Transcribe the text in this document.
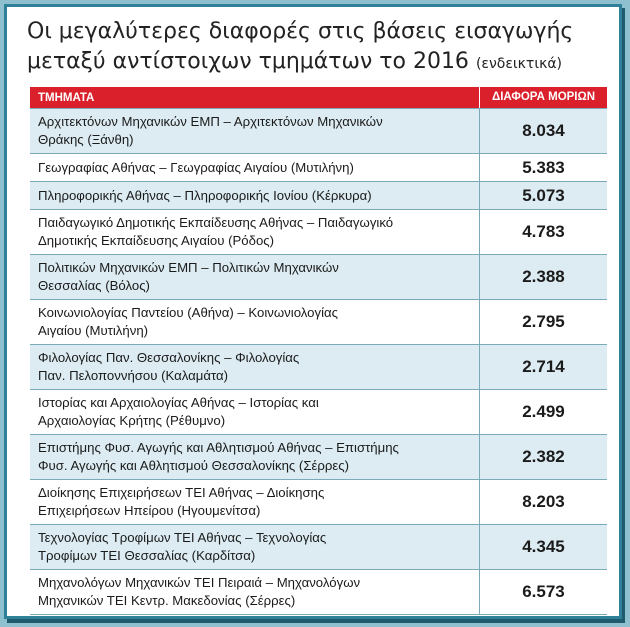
Οι μεγαλύτερες διαφορές στις βάσεις εισαγωγής
μεταξύ αντίστοιχων τμημάτων το 2016 (ενδεικτικά)
ΤΜΗΜΑΤΑ	ΔΙΑΦΟΡΑ ΜΟΡΙΩΝ
Αρχιτεκτόνων Μηχανικών ΕΜΠ – Αρχιτεκτόνων Μηχανικών
Θράκης (Ξάνθη)	8.034
Γεωγραφίας Αθήνας – Γεωγραφίας Αιγαίου (Μυτιλήνη)	5.383
Πληροφορικής Αθήνας – Πληροφορικής Ιονίου (Κέρκυρα)	5.073
Παιδαγωγικό Δημοτικής Εκπαίδευσης Αθήνας – Παιδαγωγικό
Δημοτικής Εκπαίδευσης Αιγαίου (Ρόδος)	4.783
Πολιτικών Μηχανικών ΕΜΠ – Πολιτικών Μηχανικών
Θεσσαλίας (Βόλος)	2.388
Κοινωνιολογίας Παντείου (Αθήνα) – Κοινωνιολογίας
Αιγαίου (Μυτιλήνη)	2.795
Φιλολογίας Παν. Θεσσαλονίκης – Φιλολογίας
Παν. Πελοποννήσου (Καλαμάτα)	2.714
Ιστορίας και Αρχαιολογίας Αθήνας – Ιστορίας και
Αρχαιολογίας Κρήτης (Ρέθυμνο)	2.499
Επιστήμης Φυσ. Αγωγής και Αθλητισμού Αθήνας – Επιστήμης
Φυσ. Αγωγής και Αθλητισμού Θεσσαλονίκης (Σέρρες)	2.382
Διοίκησης Επιχειρήσεων ΤΕΙ Αθήνας – Διοίκησης
Επιχειρήσεων Ηπείρου (Ηγουμενίτσα)	8.203
Τεχνολογίας Τροφίμων ΤΕΙ Αθήνας – Τεχνολογίας
Τροφίμων ΤΕΙ Θεσσαλίας (Καρδίτσα)	4.345
Μηχανολόγων Μηχανικών ΤΕΙ Πειραιά – Μηχανολόγων
Μηχανικών ΤΕΙ Κεντρ. Μακεδονίας (Σέρρες)	6.573
